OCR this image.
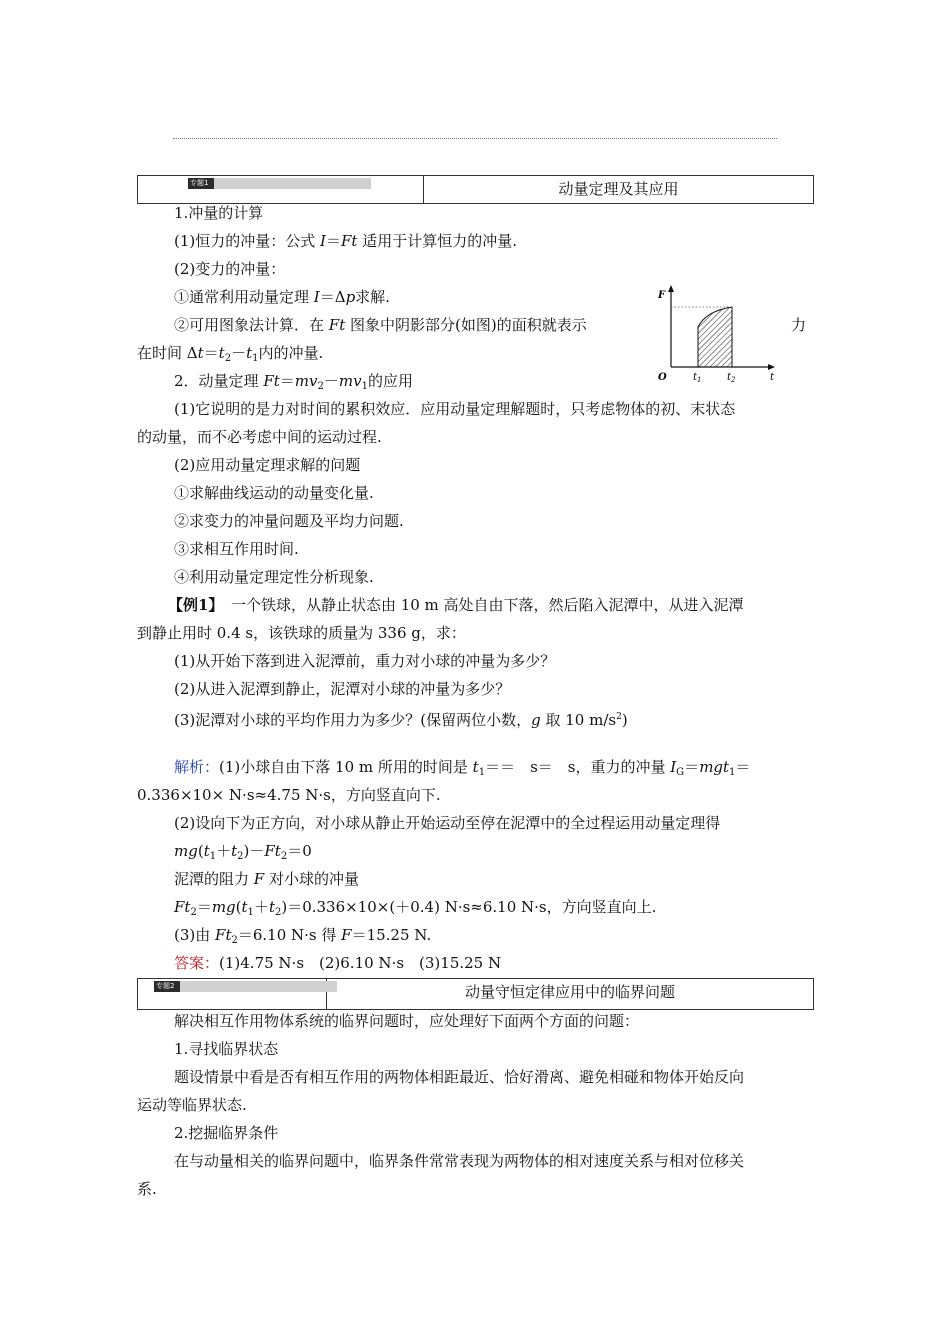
专题1	动量定理及其应用
1.冲量的计算
(1)恒力的冲量：公式 I＝Ft 适用于计算恒力的冲量.
(2)变力的冲量：
①通常利用动量定理 I＝Δp求解.
②可用图象法计算．在 Ft 图象中阴影部分(如图)的面积就表示	力
在时间 $\Delta t=t_2-t_1$内的冲量.
F
t
O	$t_1$	$t_2$
2．动量定理 $Ft=mv_2-mv_1$的应用
(1)它说明的是力对时间的累积效应．应用动量定理解题时，只考虑物体的初、末状态
的动量，而不必考虑中间的运动过程.
(2)应用动量定理求解的问题
①求解曲线运动的动量变化量.
②求变力的冲量问题及平均力问题.
③求相互作用时间.
④利用动量定理定性分析现象.
【例1】　一个铁球，从静止状态由 10 m 高处自由下落，然后陷入泥潭中，从进入泥潭
到静止用时 0.4 s，该铁球的质量为 336 g，求：
(1)从开始下落到进入泥潭前，重力对小球的冲量为多少？
(2)从进入泥潭到静止，泥潭对小球的冲量为多少？
(3)泥潭对小球的平均作用力为多少？(保留两位小数，g 取 10 $m/s^2$)
解析：(1)小球自由下落 10 m 所用的时间是 $t_1==$　s＝　s，重力的冲量 $I_G=mgt_1=$
0.336×10× N·s≈4.75 N·s，方向竖直向下.
(2)设向下为正方向，对小球从静止开始运动至停在泥潭中的全过程运用动量定理得
$mg(t_1+t_2)-Ft_2=0$
泥潭的阻力 F 对小球的冲量
$Ft_2=mg(t_1+t_2)=0.336\times 10\times(+0.4)$ N·s≈6.10 N·s，方向竖直向上.
(3)由 $Ft_2=6.10$ N·s 得 F＝15.25 N.
答案：(1)4.75 N·s　(2)6.10 N·s　(3)15.25 N
专题2	动量守恒定律应用中的临界问题
解决相互作用物体系统的临界问题时，应处理好下面两个方面的问题：
1.寻找临界状态
题设情景中看是否有相互作用的两物体相距最近、恰好滑离、避免相碰和物体开始反向
运动等临界状态.
2.挖掘临界条件
在与动量相关的临界问题中，临界条件常常表现为两物体的相对速度关系与相对位移关
系.
